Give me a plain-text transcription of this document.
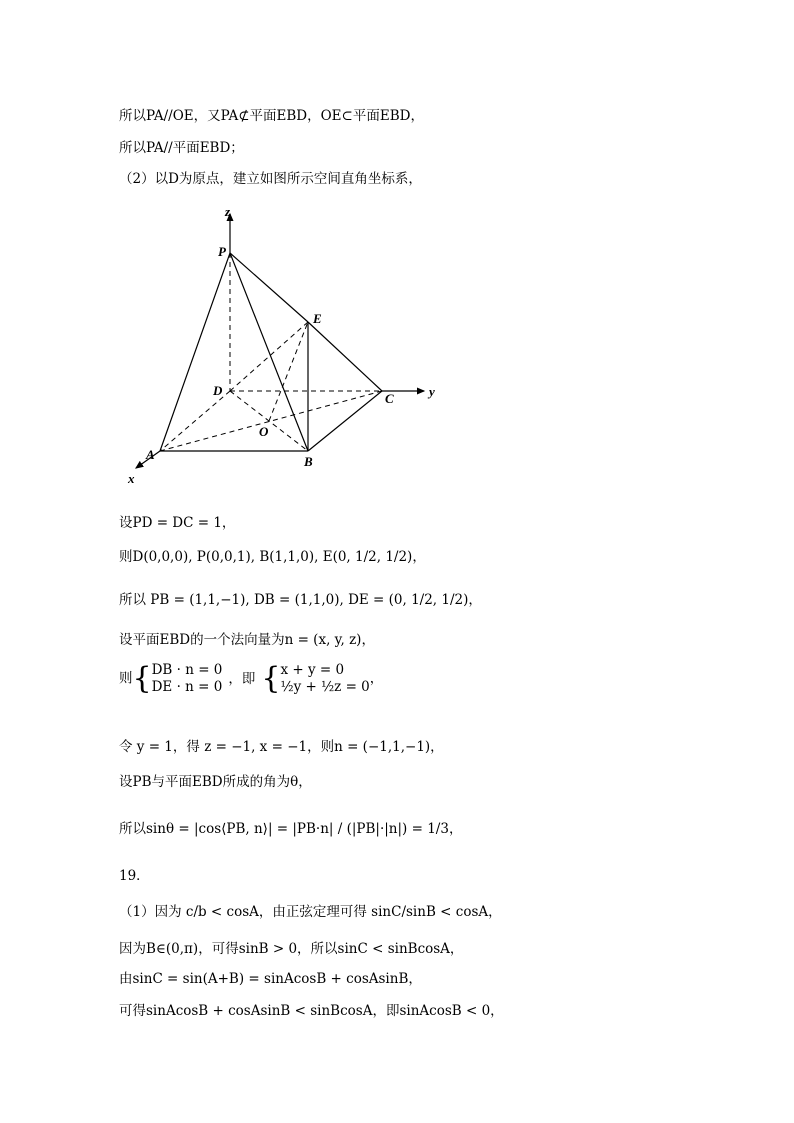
所以PA//OE，又PA⊄平面EBD，OE⊂平面EBD，
所以PA//平面EBD；
（2）以D为原点，建立如图所示空间直角坐标系，
z
P
E
D
C	y
O
A	B
x
设PD = DC = 1，
则D(0,0,0), P(0,0,1), B(1,1,0), E(0, 1/2, 1/2)，
所以 PB = (1,1,−1), DB = (1,1,0), DE = (0, 1/2, 1/2)，
设平面EBD的一个法向量为n = (x, y, z)，
则{ DB · n = 0
DE · n = 0
，即 { x + y = 0
½y + ½z = 0
，
令 y = 1，得 z = −1, x = −1，则n = (−1,1,−1)，
设PB与平面EBD所成的角为θ，
所以sinθ = |cos⟨PB, n⟩| = |PB·n| / (|PB|·|n|) = 1/3，
19．
（1）因为 c/b < cosA，由正弦定理可得 sinC/sinB < cosA，
因为B∈(0,π)，可得sinB > 0，所以sinC < sinBcosA，
由sinC = sin(A+B) = sinAcosB + cosAsinB，
可得sinAcosB + cosAsinB < sinBcosA，即sinAcosB < 0，
